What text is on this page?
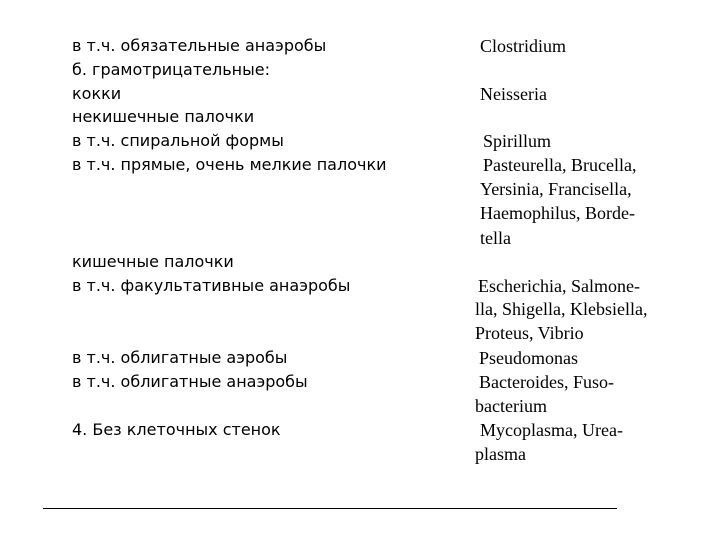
в т.ч. обязательные анаэробы
б. грамотрицательные:
кокки
некишечные палочки
в т.ч. спиральной формы
в т.ч. прямые, очень мелкие палочки
кишечные палочки
в т.ч. факультативные анаэробы
в т.ч. облигатные аэробы
в т.ч. облигатные анаэробы
4. Без клеточных стенок
Clostridium
Neisseria
Spirillum
Pasteurella, Brucella,
Yersinia, Francisella,
Haemophilus, Borde-
tella
Escherichia, Salmone-
lla, Shigella, Klebsiella,
Proteus, Vibrio
Pseudomonas
Bacteroides, Fuso-
bacterium
Mycoplasma, Urea-
plasma
